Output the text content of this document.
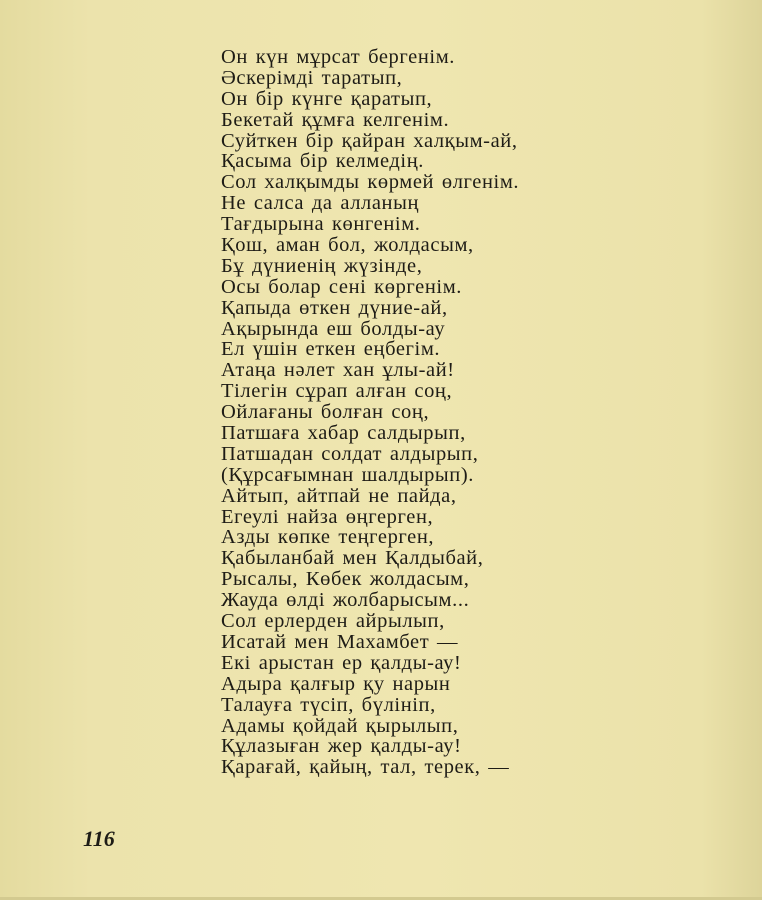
Он күн мұрсат бергенім.
Әскерімді таратып,
Он бір күнге қаратып,
Бекетай құмға келгенім.
Суйткен бір қайран халқым-ай,
Қасыма бір келмедің.
Сол халқымды көрмей өлгенім.
Не салса да алланың
Тағдырына көнгенім.
Қош, аман бол, жолдасым,
Бұ дүниенің жүзінде,
Осы болар сені көргенім.
Қапыда өткен дүние-ай,
Ақырында еш болды-ау
Ел үшін еткен еңбегім.
Атаңа нәлет хан ұлы-ай!
Тілегін сұрап алған соң,
Ойлағаны болған соң,
Патшаға хабар салдырып,
Патшадан солдат алдырып,
(Құрсағымнан шалдырып).
Айтып, айтпай не пайда,
Егеулі найза өңгерген,
Азды көпке теңгерген,
Қабыланбай мен Қалдыбай,
Рысалы, Көбек жолдасым,
Жауда өлді жолбарысым...
Сол ерлерден айрылып,
Исатай мен Махамбет —
Екі арыстан ер қалды-ау!
Адыра қалғыр қу нарын
Талауға түсіп, бүлініп,
Адамы қойдай қырылып,
Құлазыған жер қалды-ау!
Қарағай, қайың, тал, терек, —
116
